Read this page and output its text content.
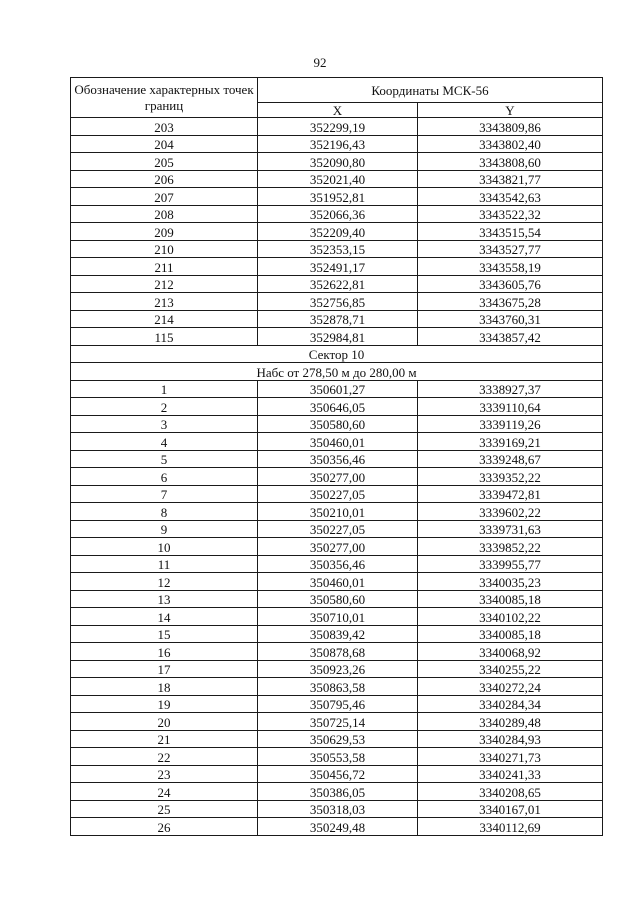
92
Обозначение характерных точек границ	Координаты МСК-56	
	X	Y
203	352299,19	3343809,86
204	352196,43	3343802,40
205	352090,80	3343808,60
206	352021,40	3343821,77
207	351952,81	3343542,63
208	352066,36	3343522,32
209	352209,40	3343515,54
210	352353,15	3343527,77
211	352491,17	3343558,19
212	352622,81	3343605,76
213	352756,85	3343675,28
214	352878,71	3343760,31
115	352984,81	3343857,42
Сектор 10		
Набс от 278,50 м до 280,00 м		
1	350601,27	3338927,37
2	350646,05	3339110,64
3	350580,60	3339119,26
4	350460,01	3339169,21
5	350356,46	3339248,67
6	350277,00	3339352,22
7	350227,05	3339472,81
8	350210,01	3339602,22
9	350227,05	3339731,63
10	350277,00	3339852,22
11	350356,46	3339955,77
12	350460,01	3340035,23
13	350580,60	3340085,18
14	350710,01	3340102,22
15	350839,42	3340085,18
16	350878,68	3340068,92
17	350923,26	3340255,22
18	350863,58	3340272,24
19	350795,46	3340284,34
20	350725,14	3340289,48
21	350629,53	3340284,93
22	350553,58	3340271,73
23	350456,72	3340241,33
24	350386,05	3340208,65
25	350318,03	3340167,01
26	350249,48	3340112,69
